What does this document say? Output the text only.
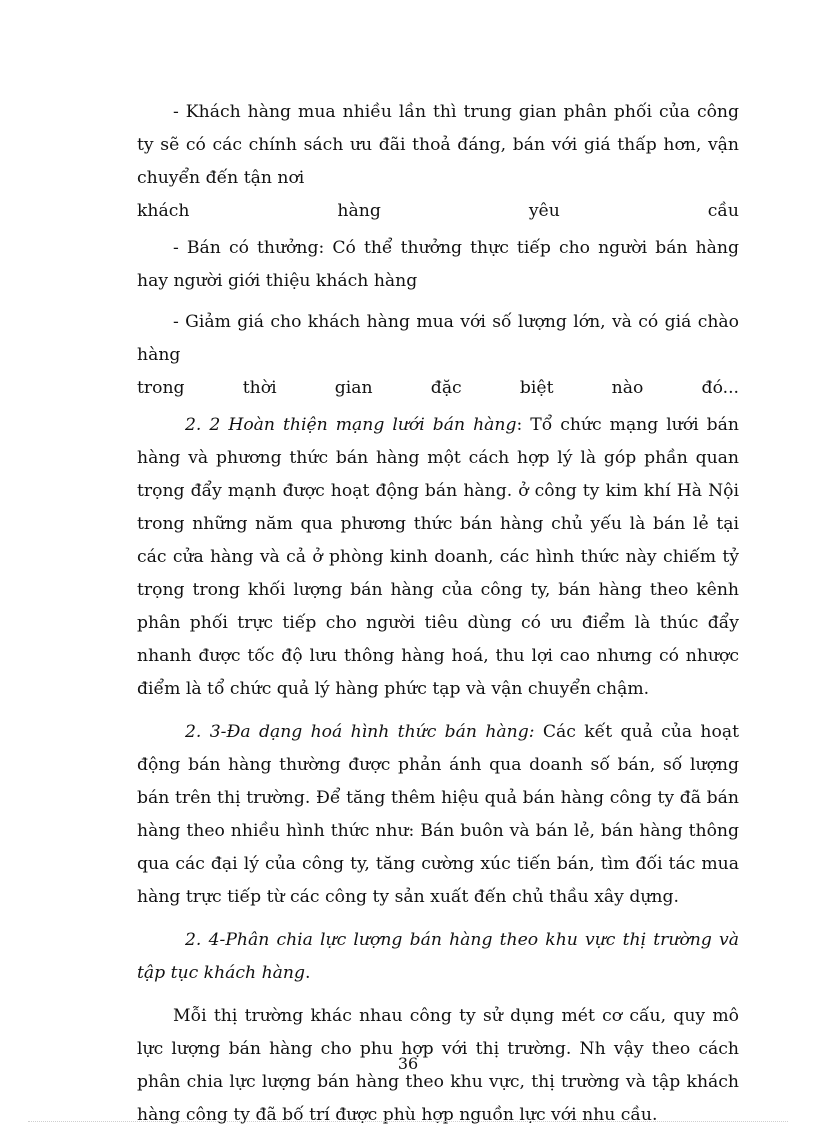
- Khách hàng mua nhiều lần thì trung gian phân phối của công ty sẽ có các chính sách ưu đãi thoả đáng, bán với giá thấp hơn, vận chuyển đến tận nơi

khách hàng yêu cầu

- Bán có thưởng: Có thể thưởng thực tiếp cho người bán hàng hay người giới thiệu khách hàng

- Giảm giá cho khách hàng mua với số lượng lớn, và có giá chào hàng

trong thời gian đặc biệt nào đó...

2. 2 Hoàn thiện mạng lưới bán hàng: Tổ chức mạng lưới bán hàng và phương thức bán hàng một cách hợp lý là góp phần quan trọng đẩy mạnh được hoạt động bán hàng. ở công ty kim khí Hà Nội trong những năm qua phương thức bán hàng chủ yếu là bán lẻ tại các cửa hàng và cả ở phòng kinh doanh, các hình thức này chiếm tỷ trọng trong khối lượng bán hàng của công ty, bán hàng theo kênh phân phối trực tiếp cho người tiêu dùng có ưu điểm là thúc đẩy nhanh được tốc độ lưu thông hàng hoá, thu lợi cao nhưng có nhược điểm là tổ chức quả lý hàng phức tạp và vận chuyển chậm.

2. 3-Đa dạng hoá hình thức bán hàng: Các kết quả của hoạt động bán hàng thường được phản ánh qua doanh số bán, số lượng bán trên thị trường. Để tăng thêm hiệu quả bán hàng công ty đã bán hàng theo nhiều hình thức như: Bán buôn và bán lẻ, bán hàng thông qua các đại lý của công ty, tăng cường xúc tiến bán, tìm đối tác mua hàng trực tiếp từ các công ty sản xuất đến chủ thầu xây dựng.

2. 4-Phân chia lực lượng bán hàng theo khu vực thị trường và tập tục khách hàng.

Mỗi thị trường khác nhau công ty sử dụng mét cơ cấu, quy mô lực lượng bán hàng cho phu hợp với thị trường. Nh vậy theo cách phân chia lực lượng bán hàng theo khu vực, thị trường và tập khách hàng công ty đã bố trí được phù hợp nguồn lực với nhu cầu.

36
